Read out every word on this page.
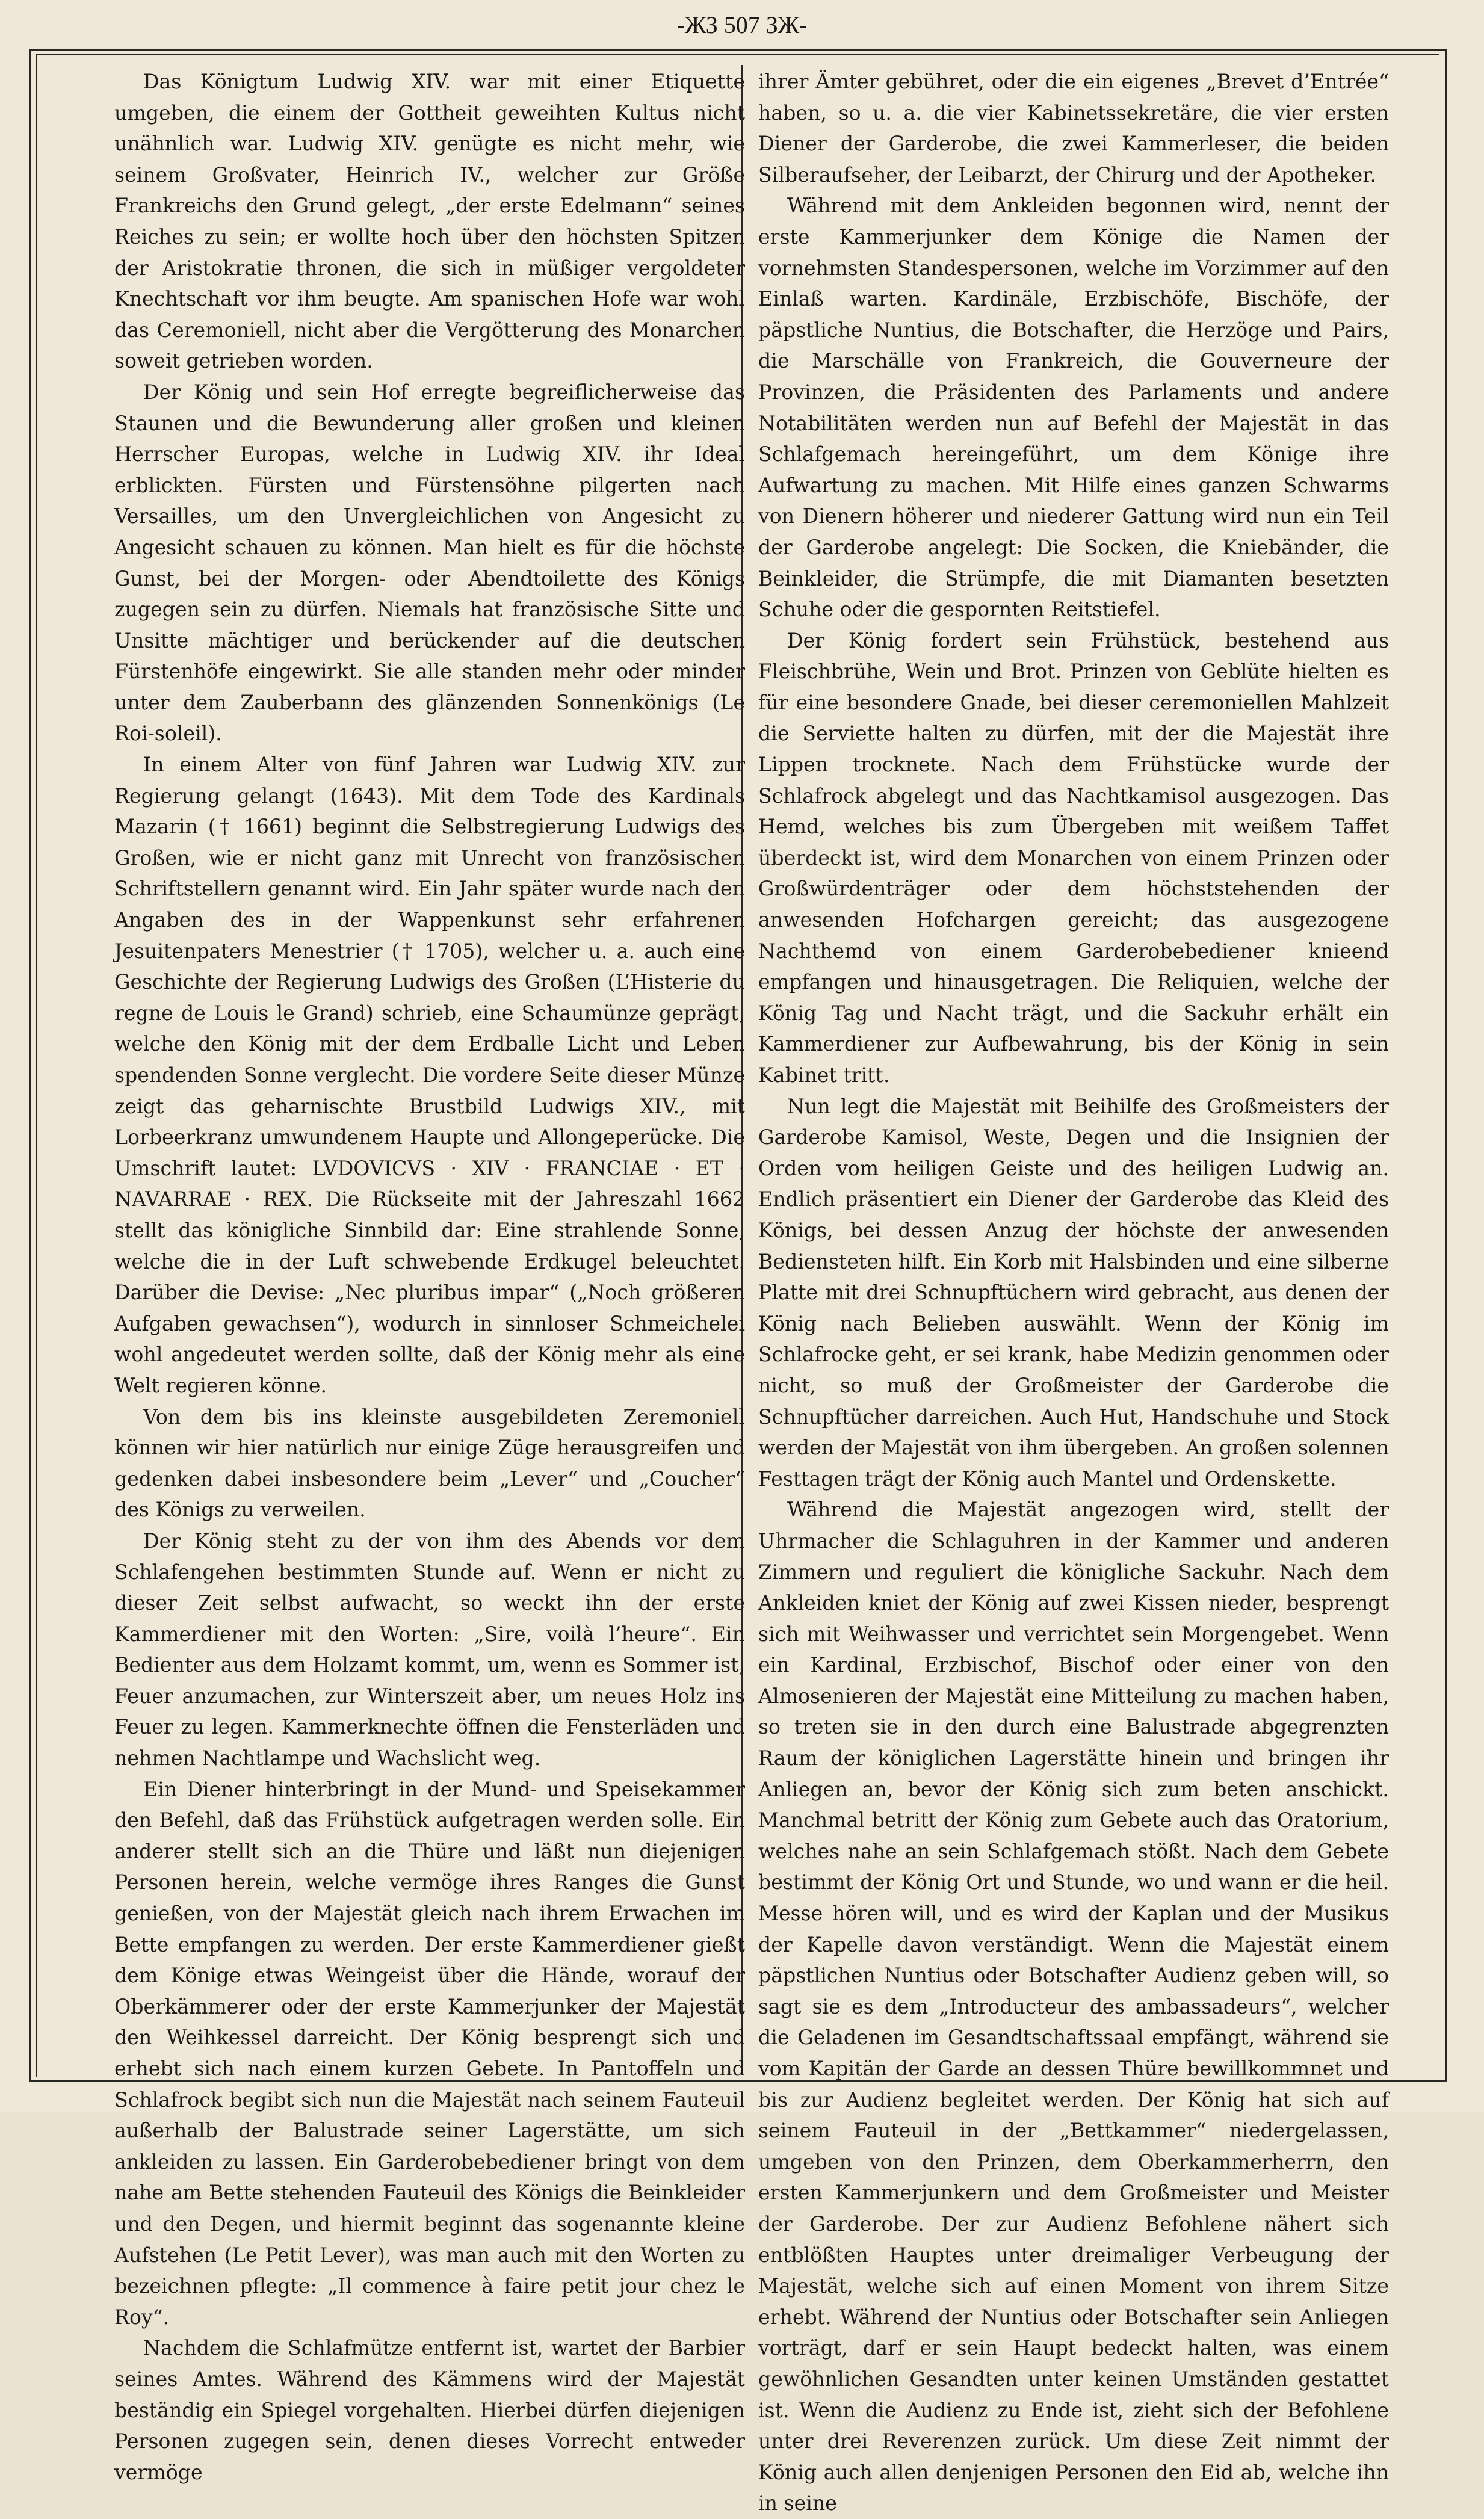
-ЖЗ 507 ЗЖ-

Das Königtum Ludwig XIV. war mit einer Etiquette umgeben, die einem der Gottheit geweihten Kultus nicht unähnlich war. Ludwig XIV. genügte es nicht mehr, wie seinem Großvater, Heinrich IV., welcher zur Größe Frankreichs den Grund gelegt, „der erste Edelmann“ seines Reiches zu sein; er wollte hoch über den höchsten Spitzen der Aristokratie thronen, die sich in müßiger vergoldeter Knechtschaft vor ihm beugte. Am spanischen Hofe war wohl das Ceremoniell, nicht aber die Vergötterung des Monarchen soweit getrieben worden.

Der König und sein Hof erregte begreiflicherweise das Staunen und die Bewunderung aller großen und kleinen Herrscher Europas, welche in Ludwig XIV. ihr Ideal erblickten. Fürsten und Fürstensöhne pilgerten nach Versailles, um den Unvergleichlichen von Angesicht zu Angesicht schauen zu können. Man hielt es für die höchste Gunst, bei der Morgen- oder Abendtoilette des Königs zugegen sein zu dürfen. Niemals hat französische Sitte und Unsitte mächtiger und berückender auf die deutschen Fürstenhöfe eingewirkt. Sie alle standen mehr oder minder unter dem Zauberbann des glänzenden Sonnenkönigs (Le Roi-soleil).

In einem Alter von fünf Jahren war Ludwig XIV. zur Regierung gelangt (1643). Mit dem Tode des Kardinals Mazarin († 1661) beginnt die Selbstregierung Ludwigs des Großen, wie er nicht ganz mit Unrecht von französischen Schriftstellern genannt wird. Ein Jahr später wurde nach den Angaben des in der Wappenkunst sehr erfahrenen Jesuitenpaters Menestrier († 1705), welcher u. a. auch eine Geschichte der Regierung Ludwigs des Großen (L’Histerie du regne de Louis le Grand) schrieb, eine Schaumünze geprägt, welche den König mit der dem Erdballe Licht und Leben spendenden Sonne verglecht. Die vordere Seite dieser Münze zeigt das geharnischte Brustbild Ludwigs XIV., mit Lorbeerkranz umwundenem Haupte und Allongeperücke. Die Umschrift lautet: LVDOVICVS · XIV · FRANCIAE · ET · NAVARRAE · REX. Die Rückseite mit der Jahreszahl 1662 stellt das königliche Sinnbild dar: Eine strahlende Sonne, welche die in der Luft schwebende Erdkugel beleuchtet. Darüber die Devise: „Nec pluribus impar“ („Noch größeren Aufgaben gewachsen“), wodurch in sinnloser Schmeichelei wohl angedeutet werden sollte, daß der König mehr als eine Welt regieren könne.

Von dem bis ins kleinste ausgebildeten Zeremoniell können wir hier natürlich nur einige Züge herausgreifen und gedenken dabei insbesondere beim „Lever“ und „Coucher“ des Königs zu verweilen.

Der König steht zu der von ihm des Abends vor dem Schlafengehen bestimmten Stunde auf. Wenn er nicht zu dieser Zeit selbst aufwacht, so weckt ihn der erste Kammerdiener mit den Worten: „Sire, voilà l’heure“. Ein Bedienter aus dem Holzamt kommt, um, wenn es Sommer ist, Feuer anzumachen, zur Winterszeit aber, um neues Holz ins Feuer zu legen. Kammerknechte öffnen die Fensterläden und nehmen Nachtlampe und Wachslicht weg.

Ein Diener hinterbringt in der Mund- und Speisekammer den Befehl, daß das Frühstück aufgetragen werden solle. Ein anderer stellt sich an die Thüre und läßt nun diejenigen Personen herein, welche vermöge ihres Ranges die Gunst genießen, von der Majestät gleich nach ihrem Erwachen im Bette empfangen zu werden. Der erste Kammerdiener gießt dem Könige etwas Weingeist über die Hände, worauf der Oberkämmerer oder der erste Kammerjunker der Majestät den Weihkessel darreicht. Der König besprengt sich und erhebt sich nach einem kurzen Gebete. In Pantoffeln und Schlafrock begibt sich nun die Majestät nach seinem Fauteuil außerhalb der Balustrade seiner Lagerstätte, um sich ankleiden zu lassen. Ein Garderobebediener bringt von dem nahe am Bette stehenden Fauteuil des Königs die Beinkleider und den Degen, und hiermit beginnt das sogenannte kleine Aufstehen (Le Petit Lever), was man auch mit den Worten zu bezeichnen pflegte: „Il commence à faire petit jour chez le Roy“.

Nachdem die Schlafmütze entfernt ist, wartet der Barbier seines Amtes. Während des Kämmens wird der Majestät beständig ein Spiegel vorgehalten. Hierbei dürfen diejenigen Personen zugegen sein, denen dieses Vorrecht entweder vermöge

ihrer Ämter gebühret, oder die ein eigenes „Brevet d’Entrée“ haben, so u. a. die vier Kabinetssekretäre, die vier ersten Diener der Garderobe, die zwei Kammerleser, die beiden Silberaufseher, der Leibarzt, der Chirurg und der Apotheker.

Während mit dem Ankleiden begonnen wird, nennt der erste Kammerjunker dem Könige die Namen der vornehmsten Standespersonen, welche im Vorzimmer auf den Einlaß warten. Kardinäle, Erzbischöfe, Bischöfe, der päpstliche Nuntius, die Botschafter, die Herzöge und Pairs, die Marschälle von Frankreich, die Gouverneure der Provinzen, die Präsidenten des Parlaments und andere Notabilitäten werden nun auf Befehl der Majestät in das Schlafgemach hereingeführt, um dem Könige ihre Aufwartung zu machen. Mit Hilfe eines ganzen Schwarms von Dienern höherer und niederer Gattung wird nun ein Teil der Garderobe angelegt: Die Socken, die Kniebänder, die Beinkleider, die Strümpfe, die mit Diamanten besetzten Schuhe oder die gespornten Reitstiefel.

Der König fordert sein Frühstück, bestehend aus Fleischbrühe, Wein und Brot. Prinzen von Geblüte hielten es für eine besondere Gnade, bei dieser ceremoniellen Mahlzeit die Serviette halten zu dürfen, mit der die Majestät ihre Lippen trocknete. Nach dem Frühstücke wurde der Schlafrock abgelegt und das Nachtkamisol ausgezogen. Das Hemd, welches bis zum Übergeben mit weißem Taffet überdeckt ist, wird dem Monarchen von einem Prinzen oder Großwürdenträger oder dem höchststehenden der anwesenden Hofchargen gereicht; das ausgezogene Nachthemd von einem Garderobebediener knieend empfangen und hinausgetragen. Die Reliquien, welche der König Tag und Nacht trägt, und die Sackuhr erhält ein Kammerdiener zur Aufbewahrung, bis der König in sein Kabinet tritt.

Nun legt die Majestät mit Beihilfe des Großmeisters der Garderobe Kamisol, Weste, Degen und die Insignien der Orden vom heiligen Geiste und des heiligen Ludwig an. Endlich präsentiert ein Diener der Garderobe das Kleid des Königs, bei dessen Anzug der höchste der anwesenden Bediensteten hilft. Ein Korb mit Halsbinden und eine silberne Platte mit drei Schnupftüchern wird gebracht, aus denen der König nach Belieben auswählt. Wenn der König im Schlafrocke geht, er sei krank, habe Medizin genommen oder nicht, so muß der Großmeister der Garderobe die Schnupftücher darreichen. Auch Hut, Handschuhe und Stock werden der Majestät von ihm übergeben. An großen solennen Festtagen trägt der König auch Mantel und Ordenskette.

Während die Majestät angezogen wird, stellt der Uhrmacher die Schlaguhren in der Kammer und anderen Zimmern und reguliert die königliche Sackuhr. Nach dem Ankleiden kniet der König auf zwei Kissen nieder, besprengt sich mit Weihwasser und verrichtet sein Morgengebet. Wenn ein Kardinal, Erzbischof, Bischof oder einer von den Almosenieren der Majestät eine Mitteilung zu machen haben, so treten sie in den durch eine Balustrade abgegrenzten Raum der königlichen Lagerstätte hinein und bringen ihr Anliegen an, bevor der König sich zum beten anschickt. Manchmal betritt der König zum Gebete auch das Oratorium, welches nahe an sein Schlafgemach stößt. Nach dem Gebete bestimmt der König Ort und Stunde, wo und wann er die heil. Messe hören will, und es wird der Kaplan und der Musikus der Kapelle davon verständigt. Wenn die Majestät einem päpstlichen Nuntius oder Botschafter Audienz geben will, so sagt sie es dem „Introducteur des ambassadeurs“, welcher die Geladenen im Gesandtschaftssaal empfängt, während sie vom Kapitän der Garde an dessen Thüre bewillkommnet und bis zur Audienz begleitet werden. Der König hat sich auf seinem Fauteuil in der „Bettkammer“ niedergelassen, umgeben von den Prinzen, dem Oberkammerherrn, den ersten Kammerjunkern und dem Großmeister und Meister der Garderobe. Der zur Audienz Befohlene nähert sich entblößten Hauptes unter dreimaliger Verbeugung der Majestät, welche sich auf einen Moment von ihrem Sitze erhebt. Während der Nuntius oder Botschafter sein Anliegen vorträgt, darf er sein Haupt bedeckt halten, was einem gewöhnlichen Gesandten unter keinen Umständen gestattet ist. Wenn die Audienz zu Ende ist, zieht sich der Befohlene unter drei Reverenzen zurück. Um diese Zeit nimmt der König auch allen denjenigen Personen den Eid ab, welche ihn in seine
